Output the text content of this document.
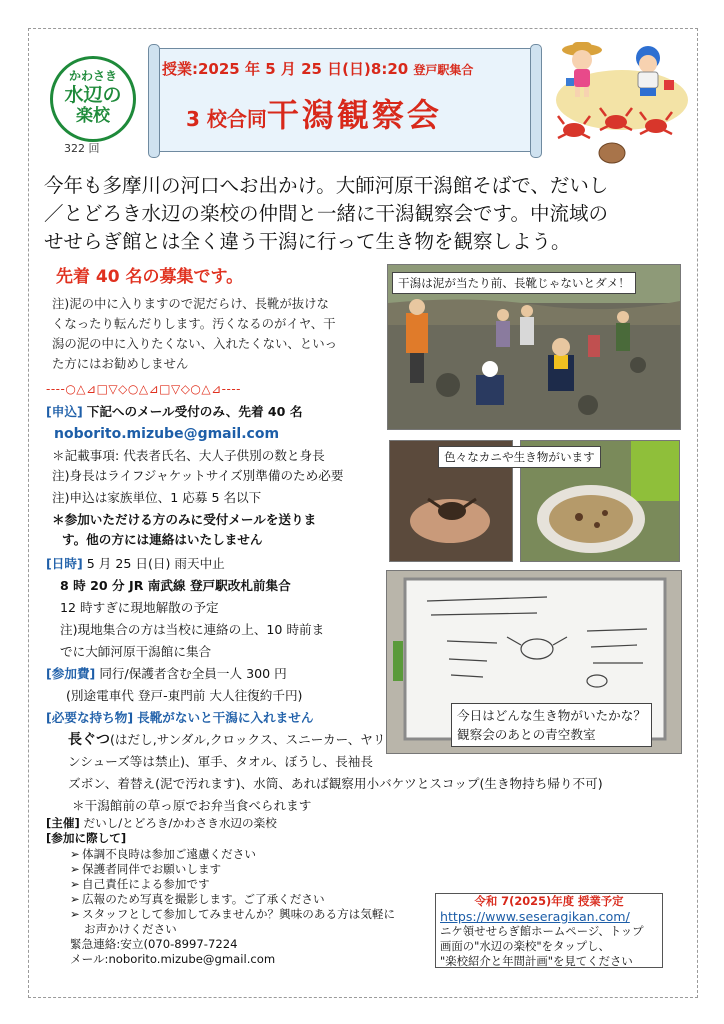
かわさき
水辺の
楽校
322 回
授業:2025 年 5 月 25 日(日)8:20 登戸駅集合
3 校合同干潟観察会
今年も多摩川の河口へお出かけ。大師河原干潟館そばで、だいし
／とどろき水辺の楽校の仲間と一緒に干潟観察会です。中流域の
せせらぎ館とは全く違う干潟に行って生き物を観察しよう。
先着 40 名の募集です。
注)泥の中に入りますので泥だらけ、長靴が抜けな
くなったり転んだりします。汚くなるのがイヤ、干
潟の泥の中に入りたくない、入れたくない、といっ
た方にはお勧めしません
----○△⊿□▽◇○△⊿□▽◇○△⊿----
[申込] 下記へのメール受付のみ、先着 40 名
noborito.mizube@gmail.com
＊記載事項: 代表者氏名、大人子供別の数と身長
注)身長はライフジャケットサイズ別準備のため必要
注)申込は家族単位、1 応募 5 名以下
＊参加いただける方のみに受付メールを送りま
す。他の方には連絡はいたしません
[日時] 5 月 25 日(日) 雨天中止
8 時 20 分 JR 南武線 登戸駅改札前集合
12 時すぎに現地解散の予定
注)現地集合の方は当校に連絡の上、10 時前ま
でに大師河原干潟館に集合
[参加費] 同行/保護者含む全員一人 300 円
(別途電車代 登戸-東門前 大人往復約千円)
[必要な持ち物] 長靴がないと干潟に入れません
長ぐつ(はだし,サンダル,クロックス、スニーカー、ヤリ
ンシューズ等は禁止)、軍手、タオル、ぼうし、長袖長
ズボン、着替え(泥で汚れます)、水筒、あれば観察用小バケツとスコップ(生き物持ち帰り不可)
＊干潟館前の草っ原でお弁当食べられます
[主催] だいし/とどろき/かわさき水辺の楽校
[参加に際して]
➢ 体調不良時は参加ご遠慮ください
➢ 保護者同伴でお願いします
➢ 自己責任による参加です
➢ 広報のため写真を撮影します。ご了承ください
➢ スタッフとして参加してみませんか？興味のある方は気軽に
お声かけください
緊急連絡:安立(070-8997-7224
メール:noborito.mizube@gmail.com
干潟は泥が当たり前、長靴じゃないとダメ！
色々なカニや生き物がいます
今日はどんな生き物がいたかな？
観察会のあとの青空教室
令和 7(2025)年度 授業予定
https://www.seseragikan.com/
ニケ領せせらぎ館ホームページ、トップ
画面の"水辺の楽校"をタップし、
"楽校紹介と年間計画"を見てください
